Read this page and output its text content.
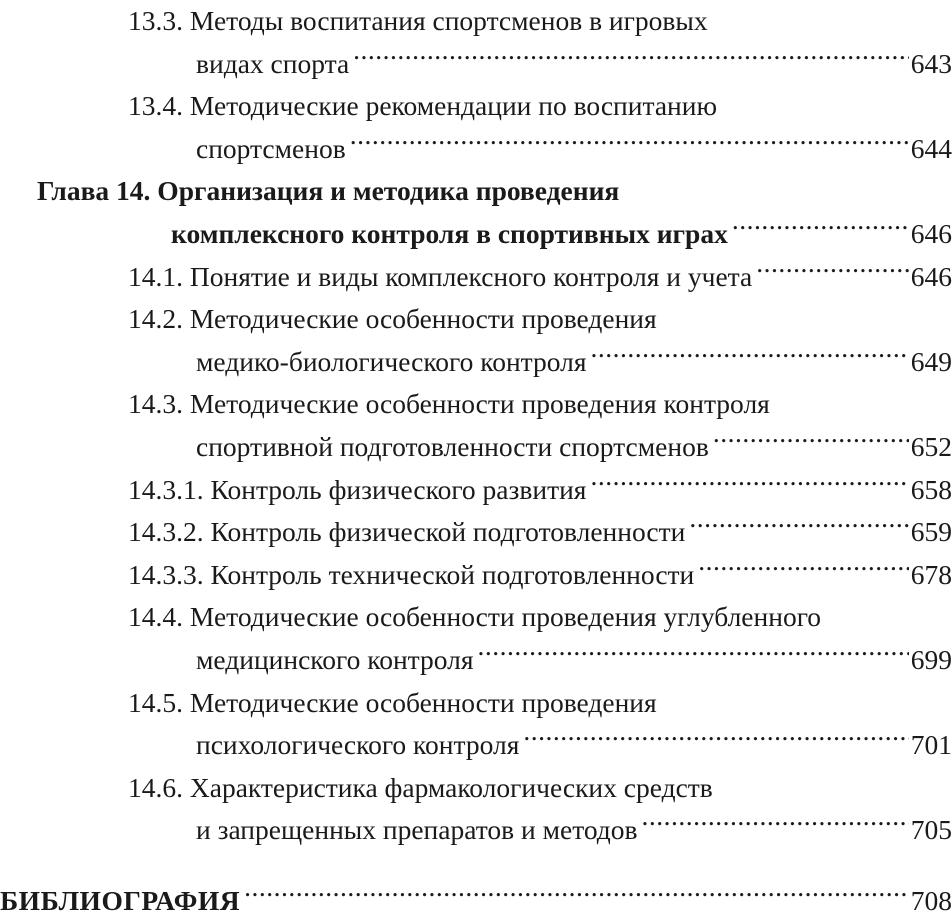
13.3. Методы воспитания спортсменов в игровых
видах спорта .....	643
13.4. Методические рекомендации по воспитанию
спортсменов .....	644
Глава 14. Организация и методика проведения
комплексного контроля в спортивных играх .....	646
14.1. Понятие и виды комплексного контроля и учета .....	646
14.2. Методические особенности проведения
медико-биологического контроля .....	649
14.3. Методические особенности проведения контроля
спортивной подготовленности спортсменов .....	652
14.3.1. Контроль физического развития .....	658
14.3.2. Контроль физической подготовленности .....	659
14.3.3. Контроль технической подготовленности .....	678
14.4. Методические особенности проведения углубленного
медицинского контроля .....	699
14.5. Методические особенности проведения
психологического контроля .....	701
14.6. Характеристика фармакологических средств
и запрещенных препаратов и методов .....	705
БИБЛИОГРАФИЯ .....	708
